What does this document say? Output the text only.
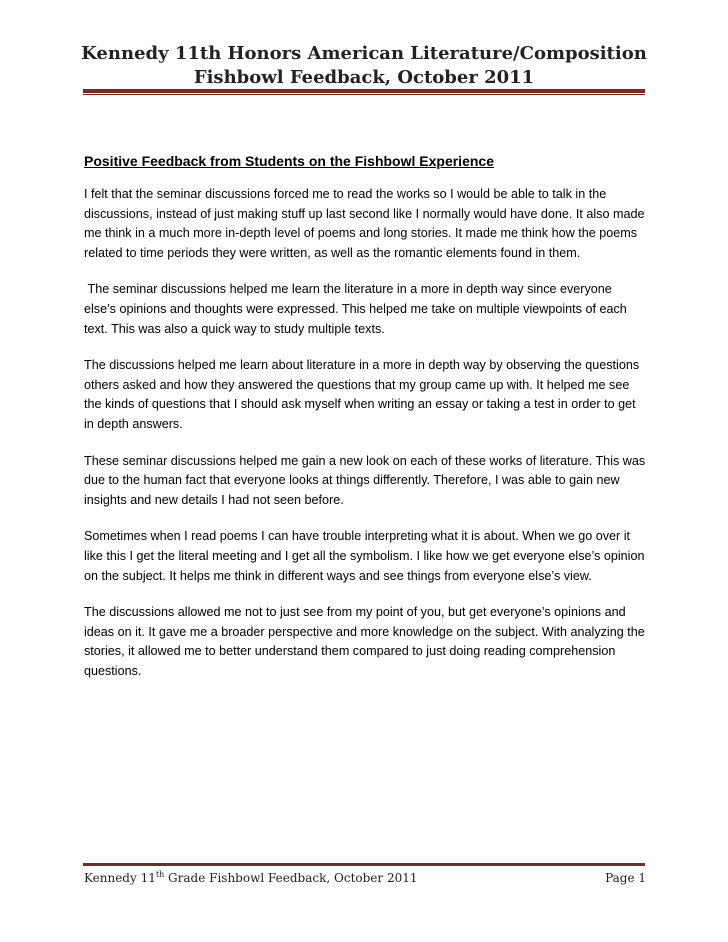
Kennedy 11th Honors American Literature/Composition Fishbowl Feedback, October 2011

Positive Feedback from Students on the Fishbowl Experience

I felt that the seminar discussions forced me to read the works so I would be able to talk in the discussions, instead of just making stuff up last second like I normally would have done. It also made me think in a much more in-depth level of poems and long stories. It made me think how the poems related to time periods they were written, as well as the romantic elements found in them.

The seminar discussions helped me learn the literature in a more in depth way since everyone else’s opinions and thoughts were expressed. This helped me take on multiple viewpoints of each text. This was also a quick way to study multiple texts.

The discussions helped me learn about literature in a more in depth way by observing the questions others asked and how they answered the questions that my group came up with. It helped me see the kinds of questions that I should ask myself when writing an essay or taking a test in order to get in depth answers.

These seminar discussions helped me gain a new look on each of these works of literature. This was due to the human fact that everyone looks at things differently. Therefore, I was able to gain new insights and new details I had not seen before.

Sometimes when I read poems I can have trouble interpreting what it is about. When we go over it like this I get the literal meeting and I get all the symbolism. I like how we get everyone else’s opinion on the subject. It helps me think in different ways and see things from everyone else’s view.

The discussions allowed me not to just see from my point of you, but get everyone’s opinions and ideas on it. It gave me a broader perspective and more knowledge on the subject. With analyzing the stories, it allowed me to better understand them compared to just doing reading comprehension questions.

Kennedy 11th Grade Fishbowl Feedback, October 2011	Page 1
